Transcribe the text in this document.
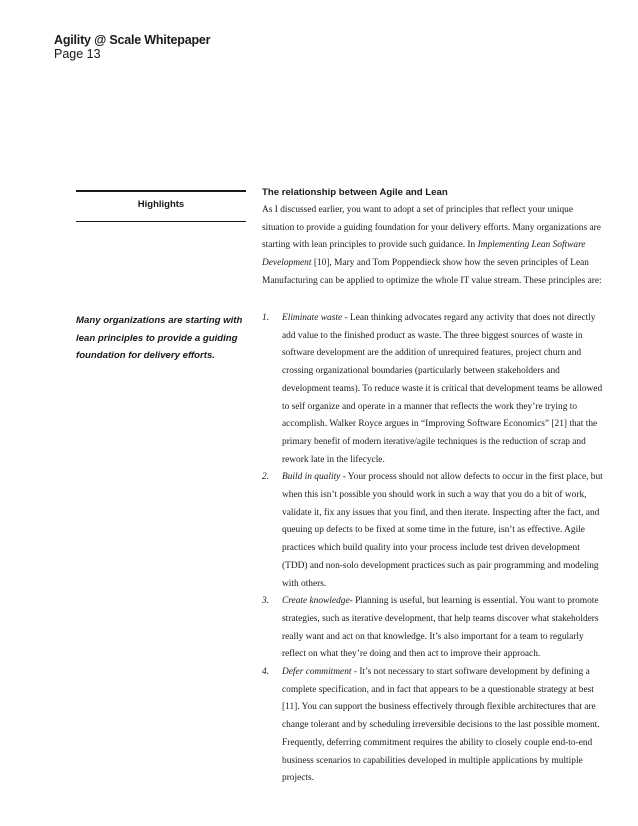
Agility @ Scale Whitepaper
Page 13
Highlights

Many organizations are starting with lean principles to provide a guiding foundation for delivery efforts.

The relationship between Agile and Lean

As I discussed earlier, you want to adopt a set of principles that reflect your unique situation to provide a guiding foundation for your delivery efforts. Many organizations are starting with lean principles to provide such guidance. In Implementing Lean Software Development [10], Mary and Tom Poppendieck show how the seven principles of Lean Manufacturing can be applied to optimize the whole IT value stream. These principles are:

1. Eliminate waste - Lean thinking advocates regard any activity that does not directly add value to the finished product as waste. The three biggest sources of waste in software development are the addition of unrequired features, project churn and crossing organizational boundaries (particularly between stakeholders and development teams). To reduce waste it is critical that development teams be allowed to self organize and operate in a manner that reflects the work they’re trying to accomplish. Walker Royce argues in “Improving Software Economics” [21] that the primary benefit of modern iterative/agile techniques is the reduction of scrap and rework late in the lifecycle.
2. Build in quality - Your process should not allow defects to occur in the first place, but when this isn’t possible you should work in such a way that you do a bit of work, validate it, fix any issues that you find, and then iterate. Inspecting after the fact, and queuing up defects to be fixed at some time in the future, isn’t as effective. Agile practices which build quality into your process include test driven development (TDD) and non-solo development practices such as pair programming and modeling with others.
3. Create knowledge- Planning is useful, but learning is essential. You want to promote strategies, such as iterative development, that help teams discover what stakeholders really want and act on that knowledge. It’s also important for a team to regularly reflect on what they’re doing and then act to improve their approach.
4. Defer commitment - It’s not necessary to start software development by defining a complete specification, and in fact that appears to be a questionable strategy at best [11]. You can support the business effectively through flexible architectures that are change tolerant and by scheduling irreversible decisions to the last possible moment. Frequently, deferring commitment requires the ability to closely couple end-to-end business scenarios to capabilities developed in multiple applications by multiple projects.
